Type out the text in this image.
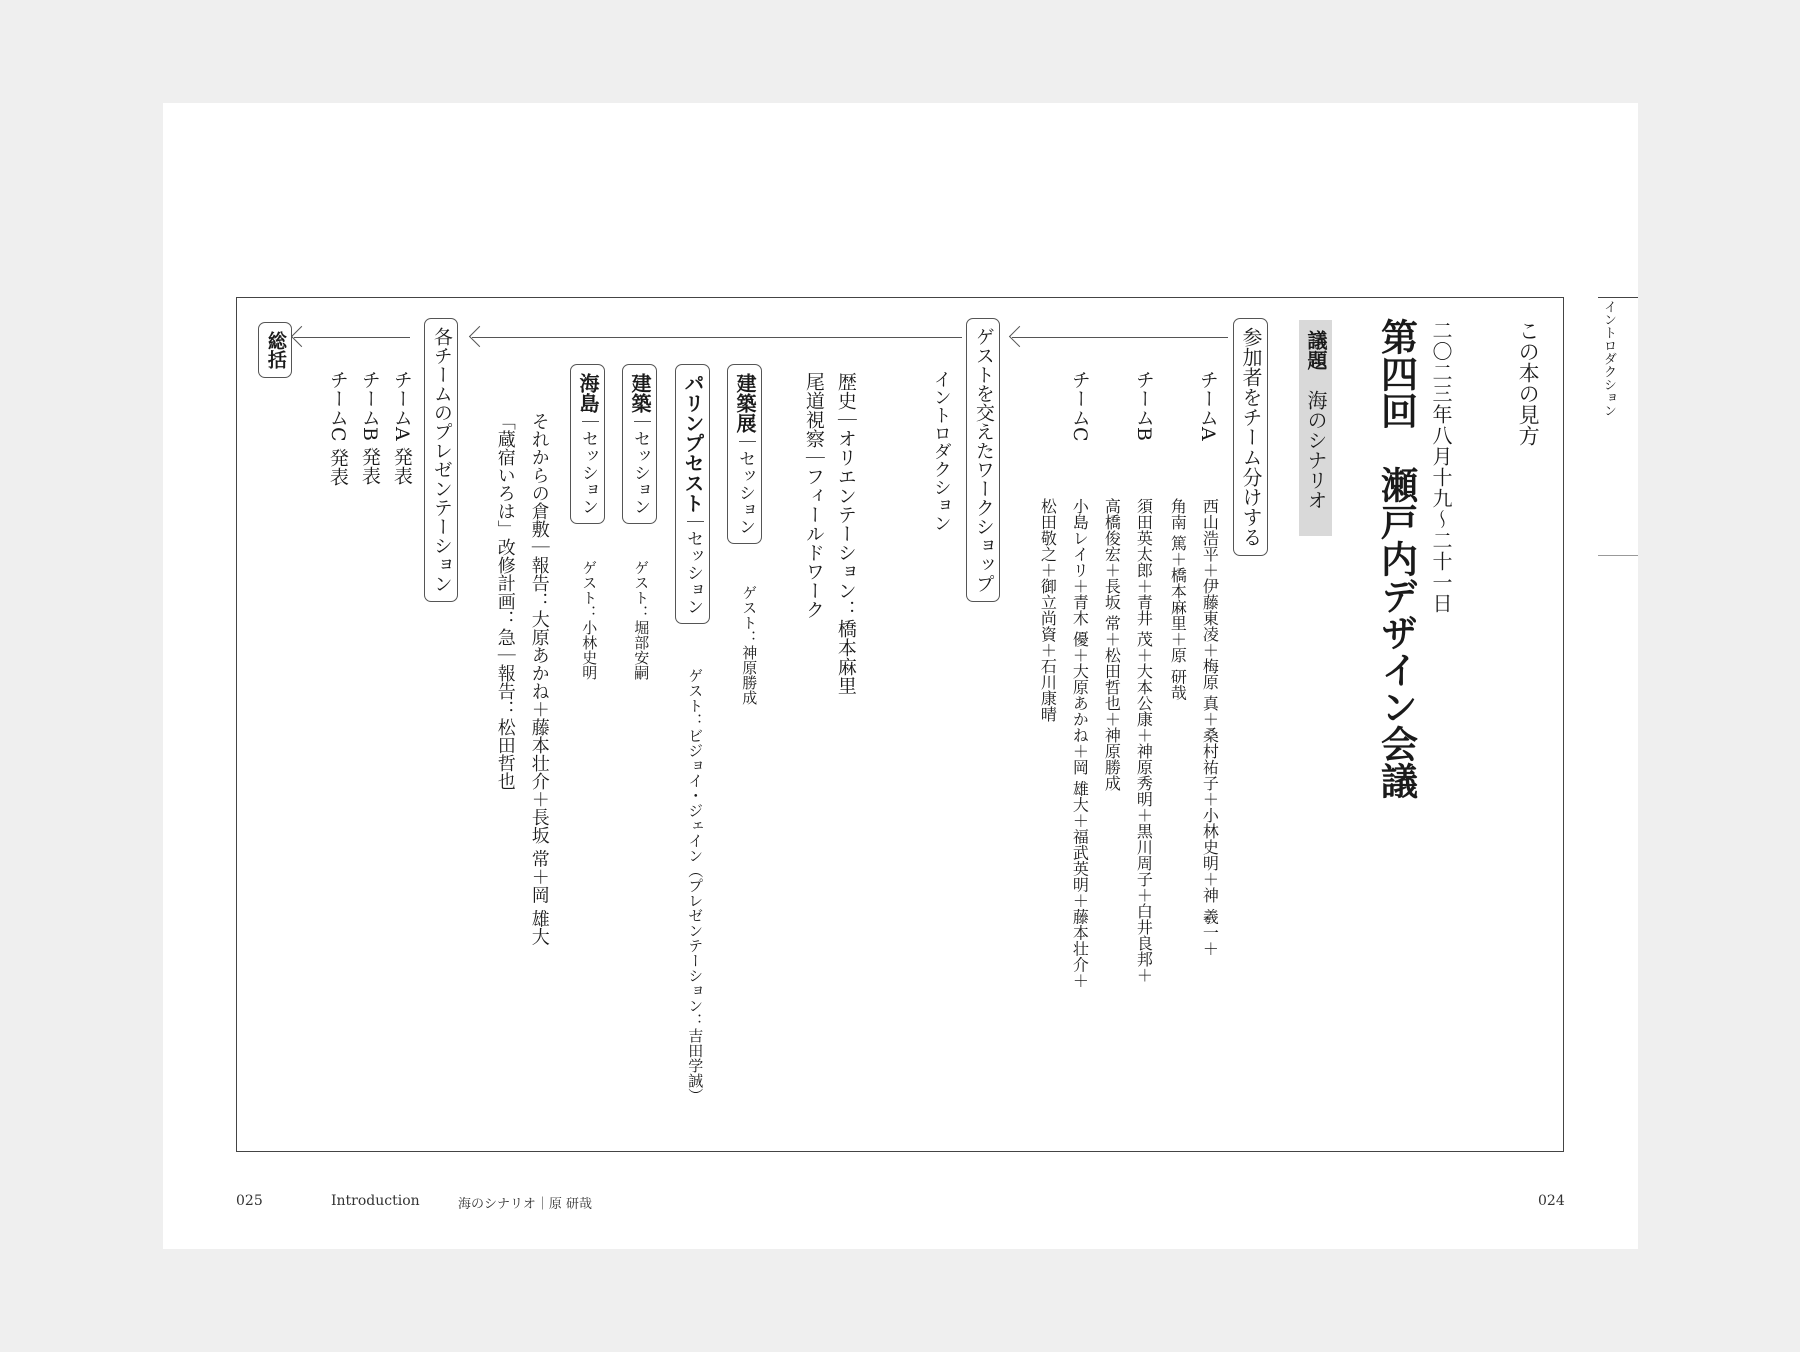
イントロダクション
この本の見方
二〇二三年八月十九〜二十一日
第四回　瀬戸内デザイン会議
議題　海のシナリオ
参加者をチーム分けする
チームA
西山浩平＋伊藤東凌＋梅原 真＋桑村祐子＋小林史明＋神 羲一＋
角南 篤＋橋本麻里＋原 研哉
チームB
須田英太郎＋青井 茂＋大本公康＋神原秀明＋黒川周子＋白井良邦＋
高橋俊宏＋長坂 常＋松田哲也＋神原勝成
チームC
小島レイリ＋青木 優＋大原あかね＋岡 雄大＋福武英明＋藤本壮介＋
松田敬之＋御立尚資＋石川康晴
ゲストを交えたワークショップ
イントロダクション
歴史｜オリエンテーション：橋本麻里
尾道視察｜フィールドワーク
建築展｜セッション
ゲスト：神原勝成
パリンプセスト｜セッション
ゲスト：ビジョイ・ジェイン（プレゼンテーション：吉田学誠）
建築｜セッション
ゲスト：堀部安嗣
海島｜セッション
ゲスト：小林史明
それからの倉敷｜報告：大原あかね＋藤本壮介＋長坂 常＋岡 雄大
「蔵宿いろは」改修計画：急｜報告：松田哲也
各チームのプレゼンテーション
チームA 発表
チームB 発表
チームC 発表
総括
025	Introduction	海のシナリオ｜原 研哉	024
